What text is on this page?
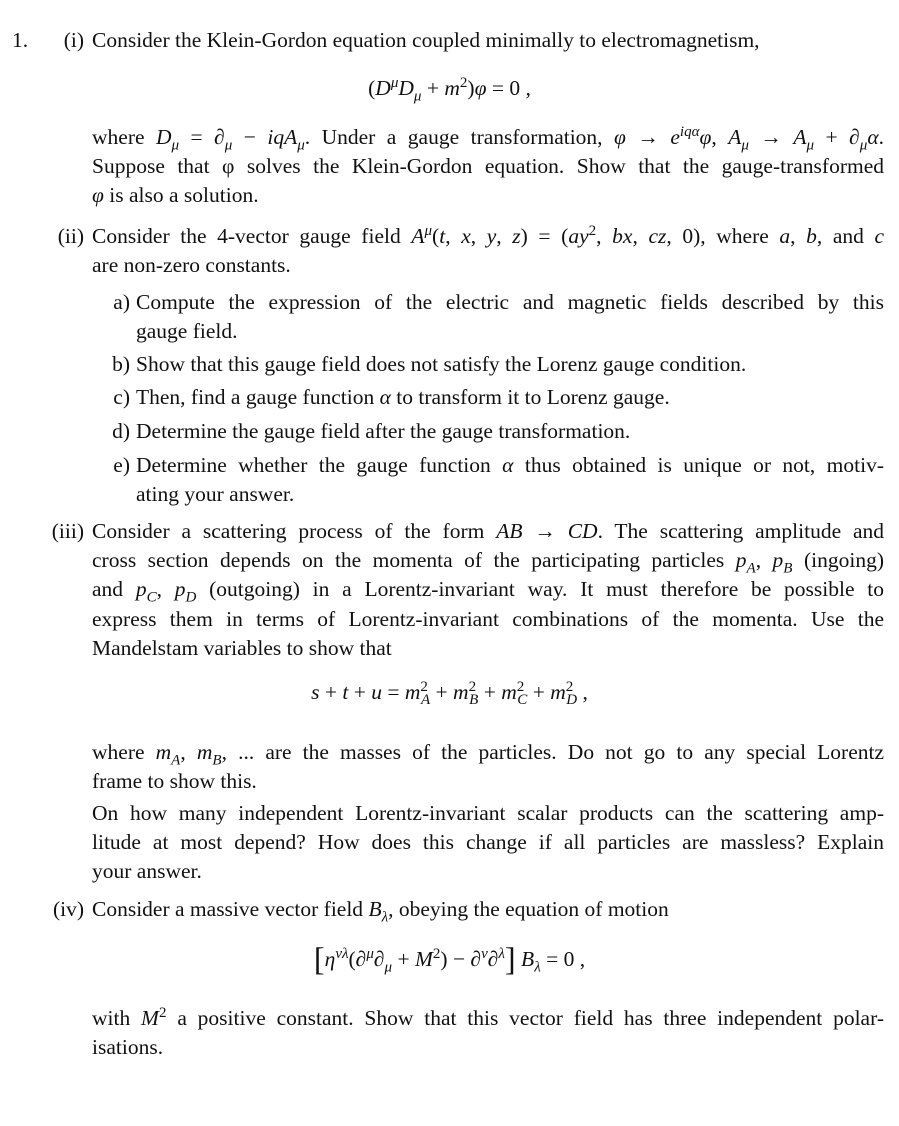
1.	(i) Consider the Klein-Gordon equation coupled minimally to electromagnetism,
$(D^\mu D_\mu + m^2)\varphi = 0$ ,
where $D_\mu = \partial_\mu - iqA_\mu$. Under a gauge transformation, $\varphi \to e^{iq\alpha}\varphi$, $A_\mu \to A_\mu + \partial_\mu\alpha$.
Suppose that φ solves the Klein-Gordon equation. Show that the gauge-transformed
φ is also a solution.
(ii) Consider the 4-vector gauge field $A^\mu(t$, x, y, $z) = (ay^2$, bx, cz, 0), where a, b, and c
are non-zero constants.
a) Compute the expression of the electric and magnetic fields described by this
gauge field.
b) Show that this gauge field does not satisfy the Lorenz gauge condition.
c) Then, find a gauge function α to transform it to Lorenz gauge.
d) Determine the gauge field after the gauge transformation.
e) Determine whether the gauge function α thus obtained is unique or not, motiv-
ating your answer.
(iii) Consider a scattering process of the form AB → CD. The scattering amplitude and
cross section depends on the momenta of the participating particles $p_A$, $p_B$ (ingoing)
and $p_C$, $p_D$ (outgoing) in a Lorentz-invariant way. It must therefore be possible to
express them in terms of Lorentz-invariant combinations of the momenta. Use the
Mandelstam variables to show that
$s + t + u = m^2_A + m^2_B + m^2_C + m^2_D$ ,
where $m_A$, $m_B$, ... are the masses of the particles. Do not go to any special Lorentz
frame to show this.
On how many independent Lorentz-invariant scalar products can the scattering amp-
litude at most depend? How does this change if all particles are massless? Explain
your answer.
(iv) Consider a massive vector field $B_\lambda$, obeying the equation of motion
$[\eta^{\nu\lambda}(\partial^\mu\partial_\mu + M^2) - \partial^\nu\partial^\lambda] B_\lambda = 0$ ,
with $M^2$ a positive constant. Show that this vector field has three independent polar-
isations.
